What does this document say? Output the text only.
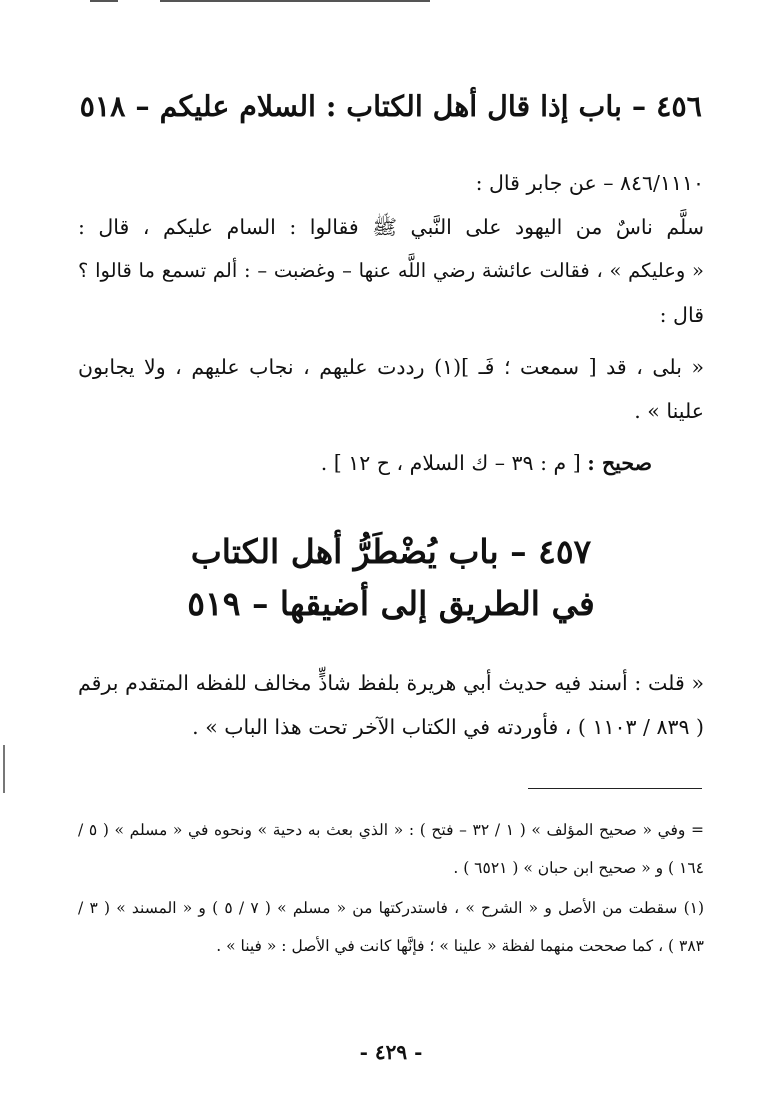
٤٥٦ – باب إذا قال أهل الكتاب : السلام عليكم – ٥١٨
٨٤٦/١١١٠ – عن جابر قال :
سلَّم ناسٌ من اليهود على النَّبي ﷺ فقالوا : السام عليكم ، قال :
« وعليكم » ، فقالت عائشة رضي اللَّه عنها – وغضبت – : ألم تسمع ما قالوا ؟
قال :
« بلى ، قد [ سمعت ؛ فَـ ](١) رددت عليهم ، نجاب عليهم ، ولا يجابون
علينا » .
صحيح : [ م : ٣٩ – ك السلام ، ح ١٢ ] .
٤٥٧ – باب يُضْطَرُّ أهل الكتاب
في الطريق إلى أضيقها – ٥١٩
« قلت : أسند فيه حديث أبي هريرة بلفظ شاذٍّ مخالف للفظه المتقدم برقم
( ٨٣٩ / ١١٠٣ ) ، فأوردته في الكتاب الآخر تحت هذا الباب » .
= وفي « صحيح المؤلف » ( ١ / ٣٢ – فتح ) : « الذي بعث به دحية » ونحوه في « مسلم » ( ٥ /
١٦٤ ) و « صحيح ابن حبان » ( ٦٥٢١ ) .
(١) سقطت من الأصل و « الشرح » ، فاستدركتها من « مسلم » ( ٧ / ٥ ) و « المسند » ( ٣ /
٣٨٣ ) ، كما صححت منهما لفظة « علينا » ؛ فإنَّها كانت في الأصل : « فينا » .
- ٤٢٩ -
